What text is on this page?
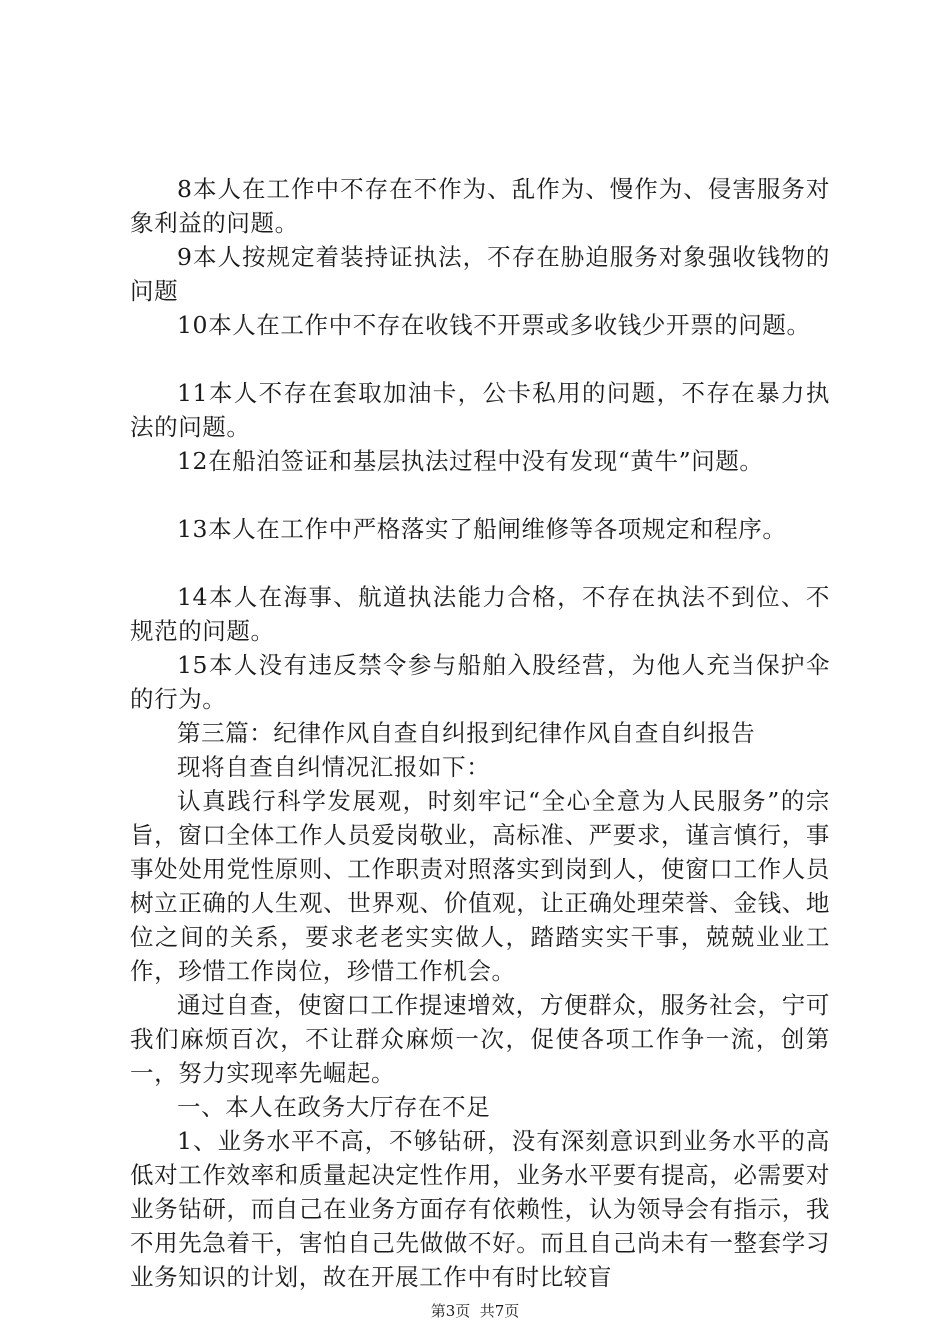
8本人在工作中不存在不作为、乱作为、慢作为、侵害服务对象利益的问题。

9本人按规定着装持证执法，不存在胁迫服务对象强收钱物的问题

10本人在工作中不存在收钱不开票或多收钱少开票的问题。

11本人不存在套取加油卡，公卡私用的问题，不存在暴力执法的问题。

12在船泊签证和基层执法过程中没有发现“黄牛”问题。

13本人在工作中严格落实了船闸维修等各项规定和程序。

14本人在海事、航道执法能力合格，不存在执法不到位、不规范的问题。

15本人没有违反禁令参与船舶入股经营，为他人充当保护伞的行为。

第三篇：纪律作风自查自纠报到纪律作风自查自纠报告

现将自查自纠情况汇报如下：

认真践行科学发展观，时刻牢记“全心全意为人民服务”的宗旨，窗口全体工作人员爱岗敬业，高标准、严要求，谨言慎行，事事处处用党性原则、工作职责对照落实到岗到人，使窗口工作人员树立正确的人生观、世界观、价值观，让正确处理荣誉、金钱、地位之间的关系，要求老老实实做人，踏踏实实干事，兢兢业业工作，珍惜工作岗位，珍惜工作机会。

通过自查，使窗口工作提速增效，方便群众，服务社会，宁可我们麻烦百次，不让群众麻烦一次，促使各项工作争一流，创第一，努力实现率先崛起。

一、本人在政务大厅存在不足

1、业务水平不高，不够钻研，没有深刻意识到业务水平的高低对工作效率和质量起决定性作用，业务水平要有提高，必需要对业务钻研，而自己在业务方面存有依赖性，认为领导会有指示，我不用先急着干，害怕自己先做做不好。而且自己尚未有一整套学习业务知识的计划，故在开展工作中有时比较盲

第3页  共7页
